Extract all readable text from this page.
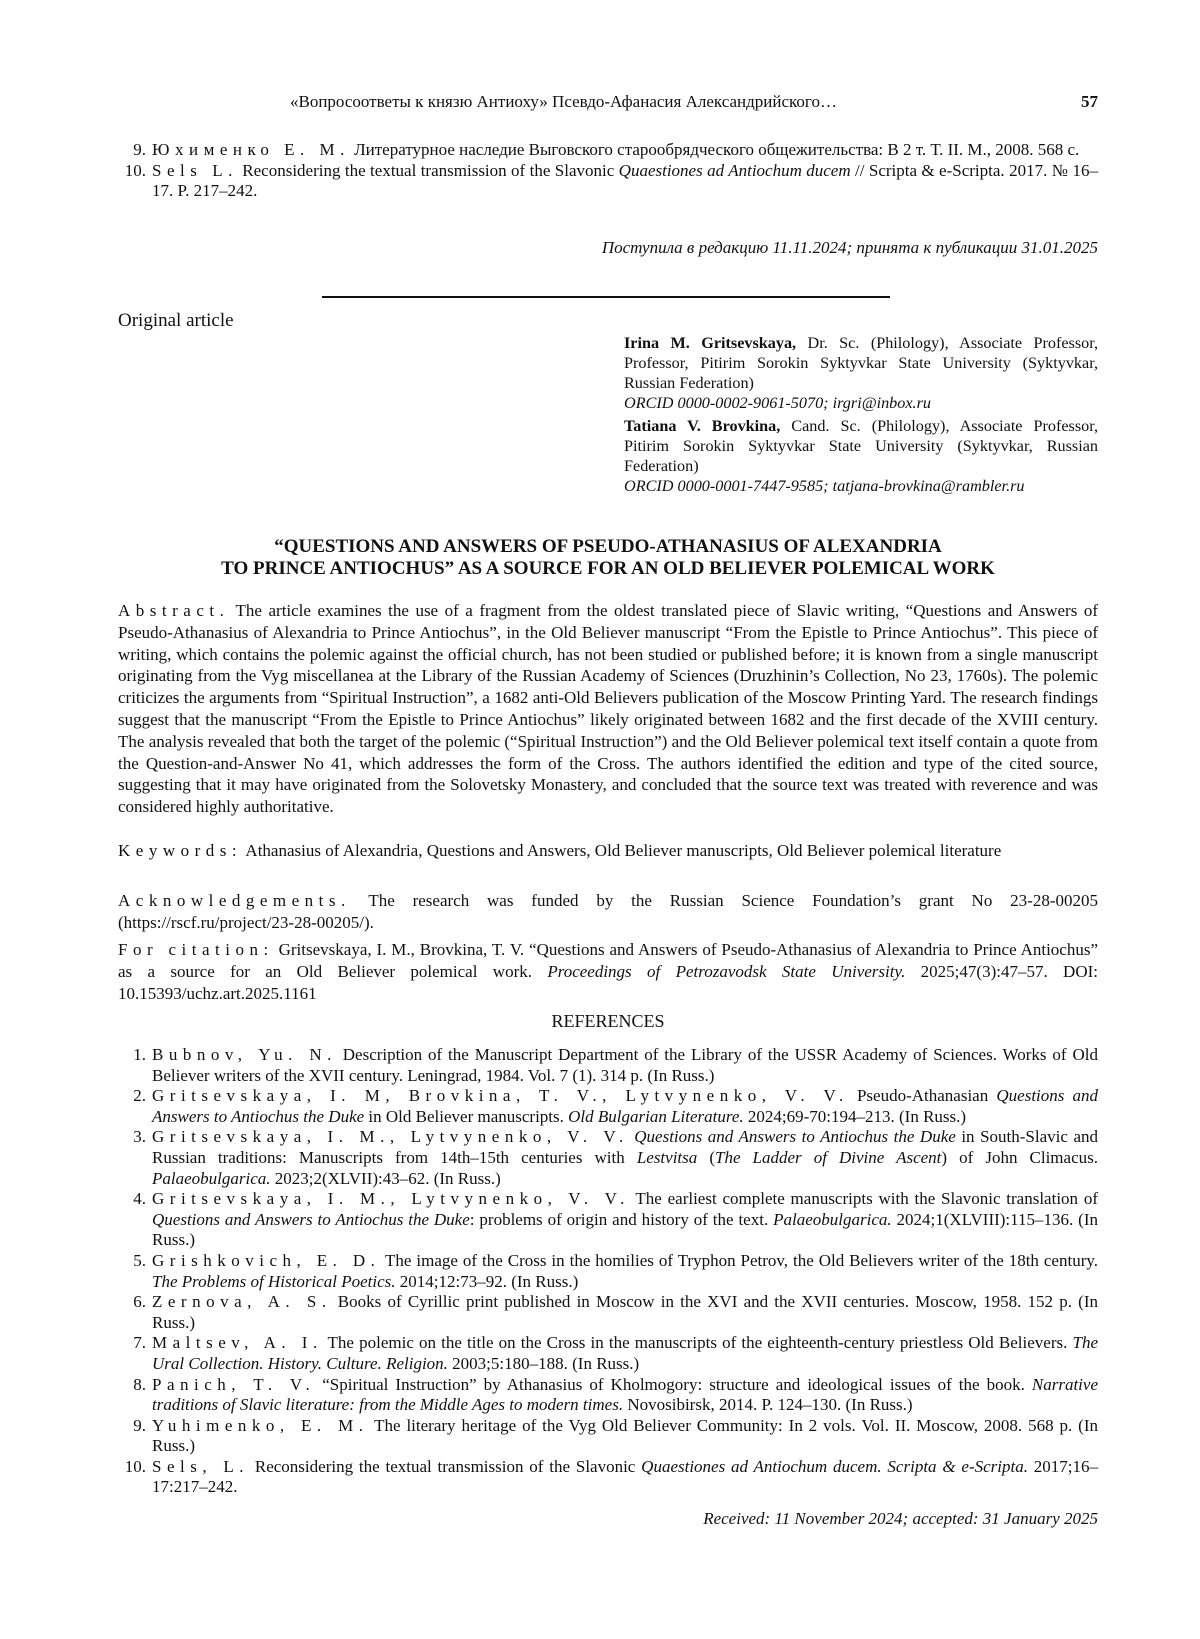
«Вопросоответы к князю Антиоху» Псевдо-Афанасия Александрийского…	57
9. Юхименко Е. М. Литературное наследие Выговского старообрядческого общежительства: В 2 т. Т. II. М., 2008. 568 с.
10. Sels L. Reconsidering the textual transmission of the Slavonic Quaestiones ad Antiochum ducem // Scripta & e-Scripta. 2017. № 16–17. P. 217–242.
Поступила в редакцию 11.11.2024; принята к публикации 31.01.2025
Original article
Irina M. Gritsevskaya, Dr. Sc. (Philology), Associate Professor, Professor, Pitirim Sorokin Syktyvkar State University (Syktyvkar, Russian Federation)
ORCID 0000-0002-9061-5070; irgri@inbox.ru
Tatiana V. Brovkina, Cand. Sc. (Philology), Associate Professor, Pitirim Sorokin Syktyvkar State University (Syktyvkar, Russian Federation)
ORCID 0000-0001-7447-9585; tatjana-brovkina@rambler.ru
“QUESTIONS AND ANSWERS OF PSEUDO-ATHANASIUS OF ALEXANDRIA
TO PRINCE ANTIOCHUS” AS A SOURCE FOR AN OLD BELIEVER POLEMICAL WORK

Abstract. The article examines the use of a fragment from the oldest translated piece of Slavic writing, “Questions and Answers of Pseudo-Athanasius of Alexandria to Prince Antiochus”, in the Old Believer manuscript “From the Epistle to Prince Antiochus”. This piece of writing, which contains the polemic against the official church, has not been studied or published before; it is known from a single manuscript originating from the Vyg miscellanea at the Library of the Russian Academy of Sciences (Druzhinin’s Collection, No 23, 1760s). The polemic criticizes the arguments from “Spiritual Instruction”, a 1682 anti-Old Believers publication of the Moscow Printing Yard. The research findings suggest that the manuscript “From the Epistle to Prince Antiochus” likely originated between 1682 and the first decade of the XVIII century. The analysis revealed that both the target of the polemic (“Spiritual Instruction”) and the Old Believer polemical text itself contain a quote from the Question-and-Answer No 41, which addresses the form of the Cross. The authors identified the edition and type of the cited source, suggesting that it may have originated from the Solovetsky Monastery, and concluded that the source text was treated with reverence and was considered highly authoritative.

Keywords: Athanasius of Alexandria, Questions and Answers, Old Believer manuscripts, Old Believer polemical literature

Acknowledgements. The research was funded by the Russian Science Foundation’s grant No 23-28-00205 (https://rscf.ru/project/23-28-00205/).

For citation: Gritsevskaya, I. M., Brovkina, T. V. “Questions and Answers of Pseudo-Athanasius of Alexandria to Prince Antiochus” as a source for an Old Believer polemical work. Proceedings of Petrozavodsk State University. 2025;47(3):47–57. DOI: 10.15393/uchz.art.2025.1161

REFERENCES
1. Bubnov, Yu. N. Description of the Manuscript Department of the Library of the USSR Academy of Sciences. Works of Old Believer writers of the XVII century. Leningrad, 1984. Vol. 7 (1). 314 p. (In Russ.)
2. Gritsevskaya, I. M, Brovkina, T. V., Lytvynenko, V. V. Pseudo-Athanasian Questions and Answers to Antiochus the Duke in Old Believer manuscripts. Old Bulgarian Literature. 2024;69-70:194–213. (In Russ.)
3. Gritsevskaya, I. M., Lytvynenko, V. V. Questions and Answers to Antiochus the Duke in South-Slavic and Russian traditions: Manuscripts from 14th–15th centuries with Lestvitsa (The Ladder of Divine Ascent) of John Climacus. Palaeobulgarica. 2023;2(XLVII):43–62. (In Russ.)
4. Gritsevskaya, I. M., Lytvynenko, V. V. The earliest complete manuscripts with the Slavonic translation of Questions and Answers to Antiochus the Duke: problems of origin and history of the text. Palaeobulgarica. 2024;1(XLVIII):115–136. (In Russ.)
5. Grishkovich, E. D. The image of the Cross in the homilies of Tryphon Petrov, the Old Believers writer of the 18th century. The Problems of Historical Poetics. 2014;12:73–92. (In Russ.)
6. Zernova, A. S. Books of Cyrillic print published in Moscow in the XVI and the XVII centuries. Moscow, 1958. 152 p. (In Russ.)
7. Maltsev, A. I. The polemic on the title on the Cross in the manuscripts of the eighteenth-century priestless Old Believers. The Ural Collection. History. Culture. Religion. 2003;5:180–188. (In Russ.)
8. Panich, T. V. “Spiritual Instruction” by Athanasius of Kholmogory: structure and ideological issues of the book. Narrative traditions of Slavic literature: from the Middle Ages to modern times. Novosibirsk, 2014. P. 124–130. (In Russ.)
9. Yuhimenko, E. M. The literary heritage of the Vyg Old Believer Community: In 2 vols. Vol. II. Moscow, 2008. 568 p. (In Russ.)
10. Sels, L. Reconsidering the textual transmission of the Slavonic Quaestiones ad Antiochum ducem. Scripta & e-Scripta. 2017;16–17:217–242.
Received: 11 November 2024; accepted: 31 January 2025
